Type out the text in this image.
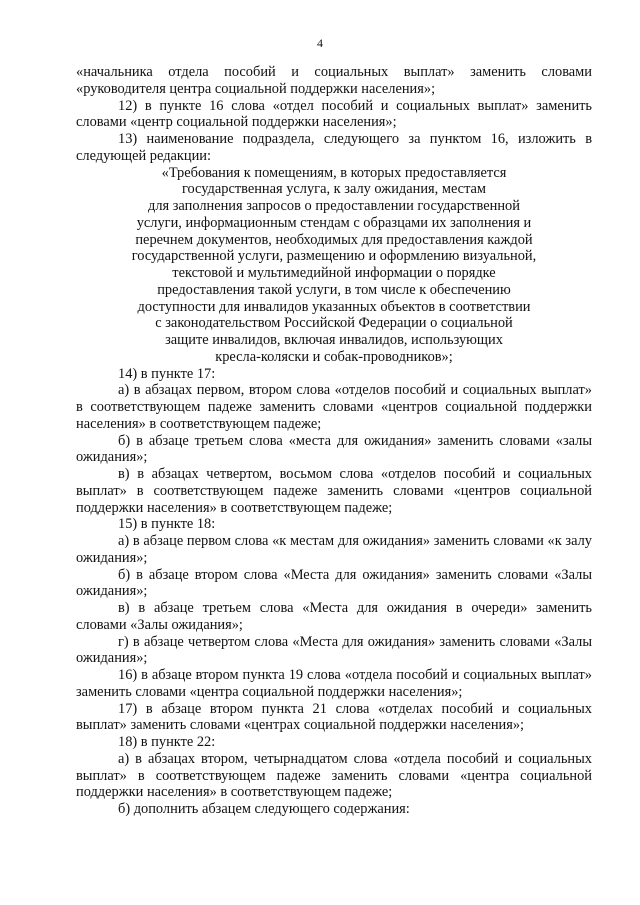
4

«начальника отдела пособий и социальных выплат» заменить словами «руководителя центра социальной поддержки населения»;

12) в пункте 16 слова «отдел пособий и социальных выплат» заменить словами «центр социальной поддержки населения»;

13) наименование подраздела, следующего за пунктом 16, изложить в следующей редакции:

«Требования к помещениям, в которых предоставляется
государственная услуга, к залу ожидания, местам
для заполнения запросов о предоставлении государственной
услуги, информационным стендам с образцами их заполнения и
перечнем документов, необходимых для предоставления каждой
государственной услуги, размещению и оформлению визуальной,
текстовой и мультимедийной информации о порядке
предоставления такой услуги, в том числе к обеспечению
доступности для инвалидов указанных объектов в соответствии
с законодательством Российской Федерации о социальной
защите инвалидов, включая инвалидов, использующих
кресла-коляски и собак-проводников»;

14) в пункте 17:

а) в абзацах первом, втором слова «отделов пособий и социальных выплат» в соответствующем падеже заменить словами «центров социальной поддержки населения» в соответствующем падеже;

б) в абзаце третьем слова «места для ожидания» заменить словами «залы ожидания»;

в) в абзацах четвертом, восьмом слова «отделов пособий и социальных выплат» в соответствующем падеже заменить словами «центров социальной поддержки населения» в соответствующем падеже;

15) в пункте 18:

а) в абзаце первом слова «к местам для ожидания» заменить словами «к залу ожидания»;

б) в абзаце втором слова «Места для ожидания» заменить словами «Залы ожидания»;

в) в абзаце третьем слова «Места для ожидания в очереди» заменить словами «Залы ожидания»;

г) в абзаце четвертом слова «Места для ожидания» заменить словами «Залы ожидания»;

16) в абзаце втором пункта 19 слова «отдела пособий и социальных выплат» заменить словами «центра социальной поддержки населения»;

17) в абзаце втором пункта 21 слова «отделах пособий и социальных выплат» заменить словами «центрах социальной поддержки населения»;

18) в пункте 22:

а) в абзацах втором, четырнадцатом слова «отдела пособий и социальных выплат» в соответствующем падеже заменить словами «центра социальной поддержки населения» в соответствующем падеже;

б) дополнить абзацем следующего содержания:
